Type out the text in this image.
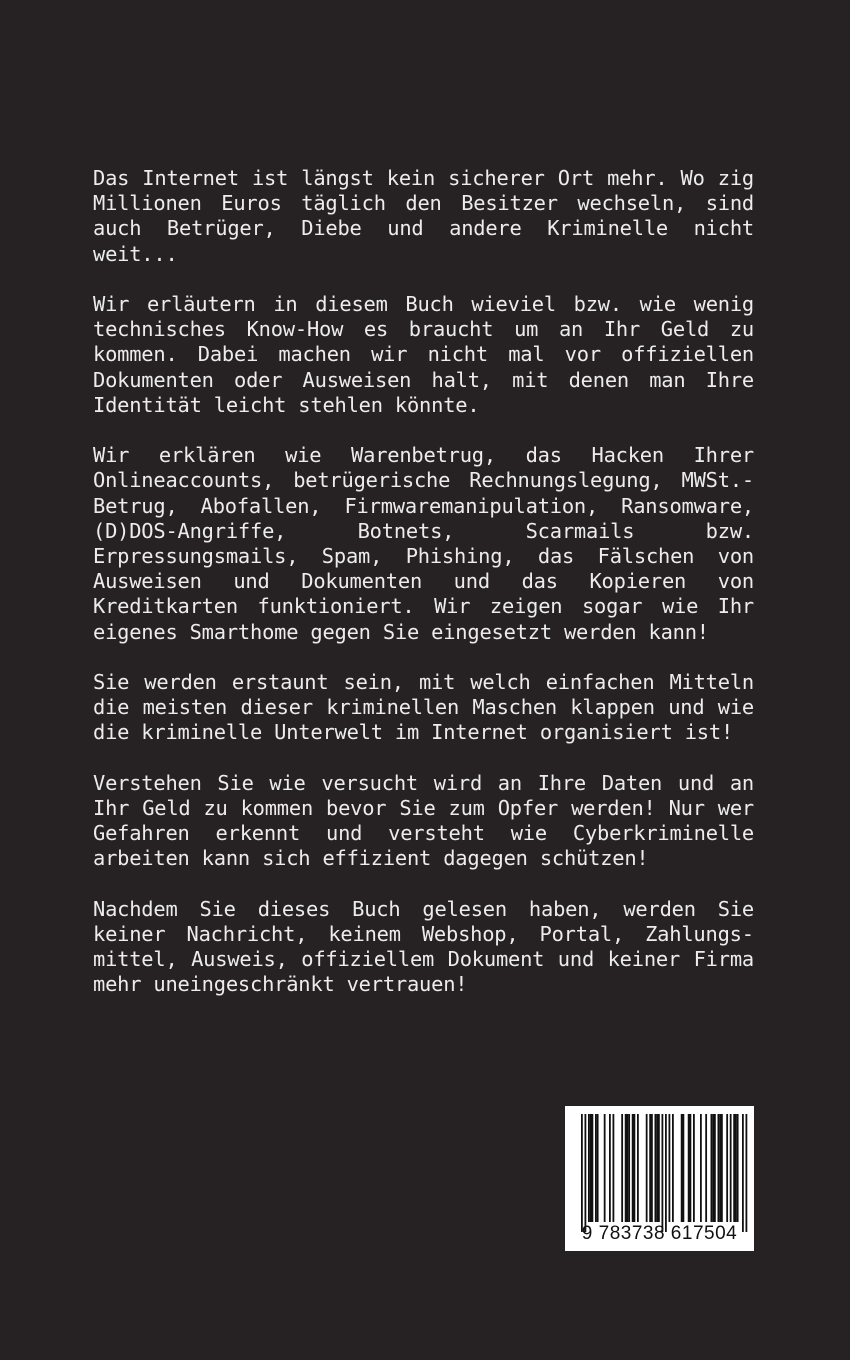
Das Internet ist längst kein sicherer Ort mehr. Wo zig Millionen Euros täglich den Besitzer wechseln, sind auch Betrüger, Diebe und andere Kriminelle nicht weit...

Wir erläutern in diesem Buch wieviel bzw. wie wenig technisches Know-How es braucht um an Ihr Geld zu kommen. Dabei machen wir nicht mal vor offiziellen Dokumenten oder Ausweisen halt, mit denen man Ihre Identität leicht stehlen könnte.

Wir erklären wie Warenbetrug, das Hacken Ihrer Onlineaccounts, betrügerische Rechnungslegung, MWSt.-Betrug, Abofallen, Firmwaremanipulation, Ransomware, (D)DOS-Angriffe, Botnets, Scarmails bzw. Erpressungsmails, Spam, Phishing, das Fälschen von Ausweisen und Dokumenten und das Kopieren von Kreditkarten funktioniert. Wir zeigen sogar wie Ihr eigenes Smarthome gegen Sie eingesetzt werden kann!

Sie werden erstaunt sein, mit welch einfachen Mitteln die meisten dieser kriminellen Maschen klappen und wie die kriminelle Unterwelt im Internet organisiert ist!

Verstehen Sie wie versucht wird an Ihre Daten und an Ihr Geld zu kommen bevor Sie zum Opfer werden! Nur wer Gefahren erkennt und versteht wie Cyberkriminelle arbeiten kann sich effizient dagegen schützen!

Nachdem Sie dieses Buch gelesen haben, werden Sie keiner Nachricht, keinem Webshop, Portal, Zahlungsmittel, Ausweis, offiziellem Dokument und keiner Firma mehr uneingeschränkt vertrauen!

9 783738 617504
